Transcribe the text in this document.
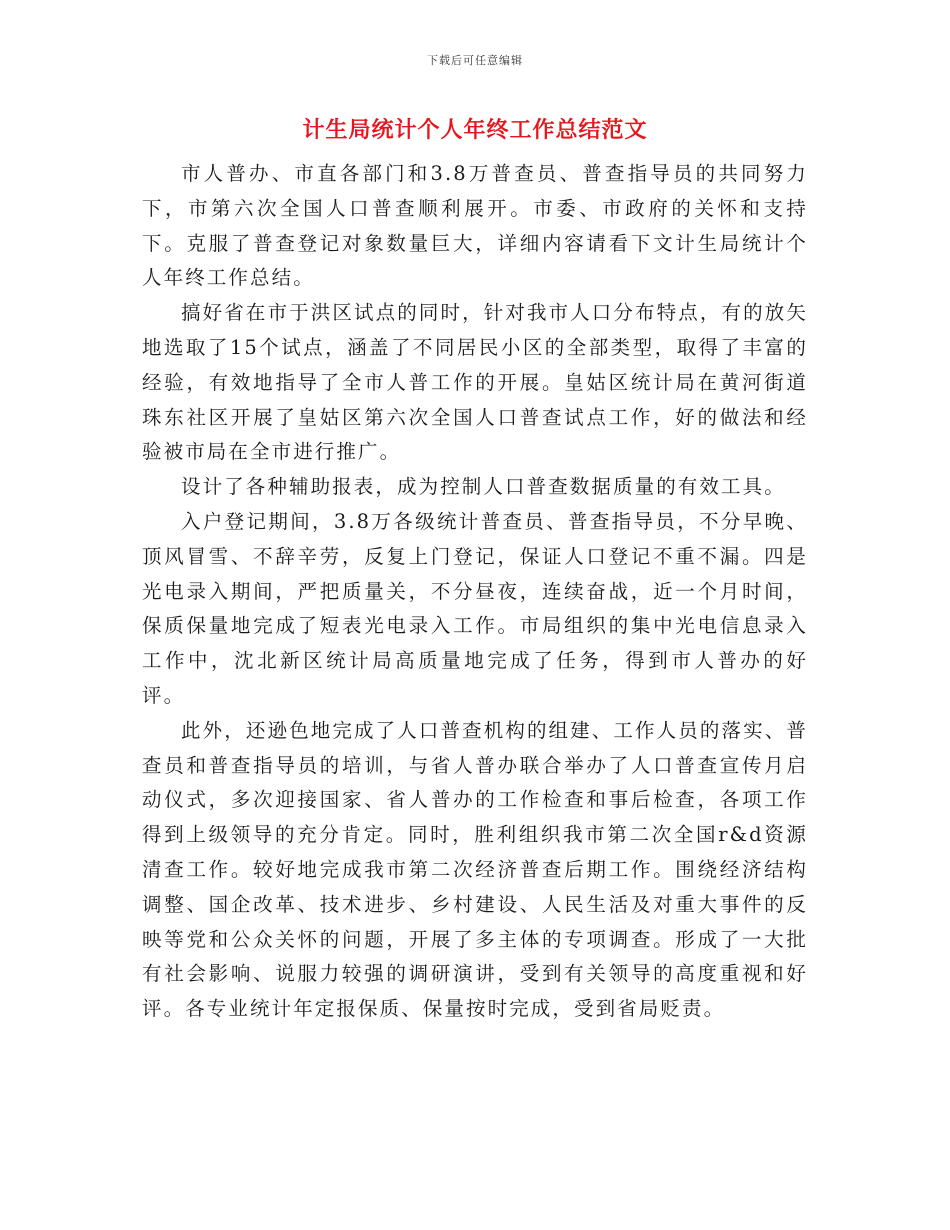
下载后可任意编辑
计生局统计个人年终工作总结范文

市人普办、市直各部门和3.8万普查员、普查指导员的共同努力下，市第六次全国人口普查顺利展开。市委、市政府的关怀和支持下。克服了普查登记对象数量巨大，详细内容请看下文计生局统计个人年终工作总结。

搞好省在市于洪区试点的同时，针对我市人口分布特点，有的放矢地选取了15个试点，涵盖了不同居民小区的全部类型，取得了丰富的经验，有效地指导了全市人普工作的开展。皇姑区统计局在黄河街道珠东社区开展了皇姑区第六次全国人口普查试点工作，好的做法和经验被市局在全市进行推广。

设计了各种辅助报表，成为控制人口普查数据质量的有效工具。

入户登记期间，3.8万各级统计普查员、普查指导员，不分早晚、顶风冒雪、不辞辛劳，反复上门登记，保证人口登记不重不漏。四是光电录入期间，严把质量关，不分昼夜，连续奋战，近一个月时间，保质保量地完成了短表光电录入工作。市局组织的集中光电信息录入工作中，沈北新区统计局高质量地完成了任务，得到市人普办的好评。

此外，还逊色地完成了人口普查机构的组建、工作人员的落实、普查员和普查指导员的培训，与省人普办联合举办了人口普查宣传月启动仪式，多次迎接国家、省人普办的工作检查和事后检查，各项工作得到上级领导的充分肯定。同时，胜利组织我市第二次全国r&d资源清查工作。较好地完成我市第二次经济普查后期工作。围绕经济结构调整、国企改革、技术进步、乡村建设、人民生活及对重大事件的反映等党和公众关怀的问题，开展了多主体的专项调查。形成了一大批有社会影响、说服力较强的调研演讲，受到有关领导的高度重视和好评。各专业统计年定报保质、保量按时完成，受到省局贬责。
